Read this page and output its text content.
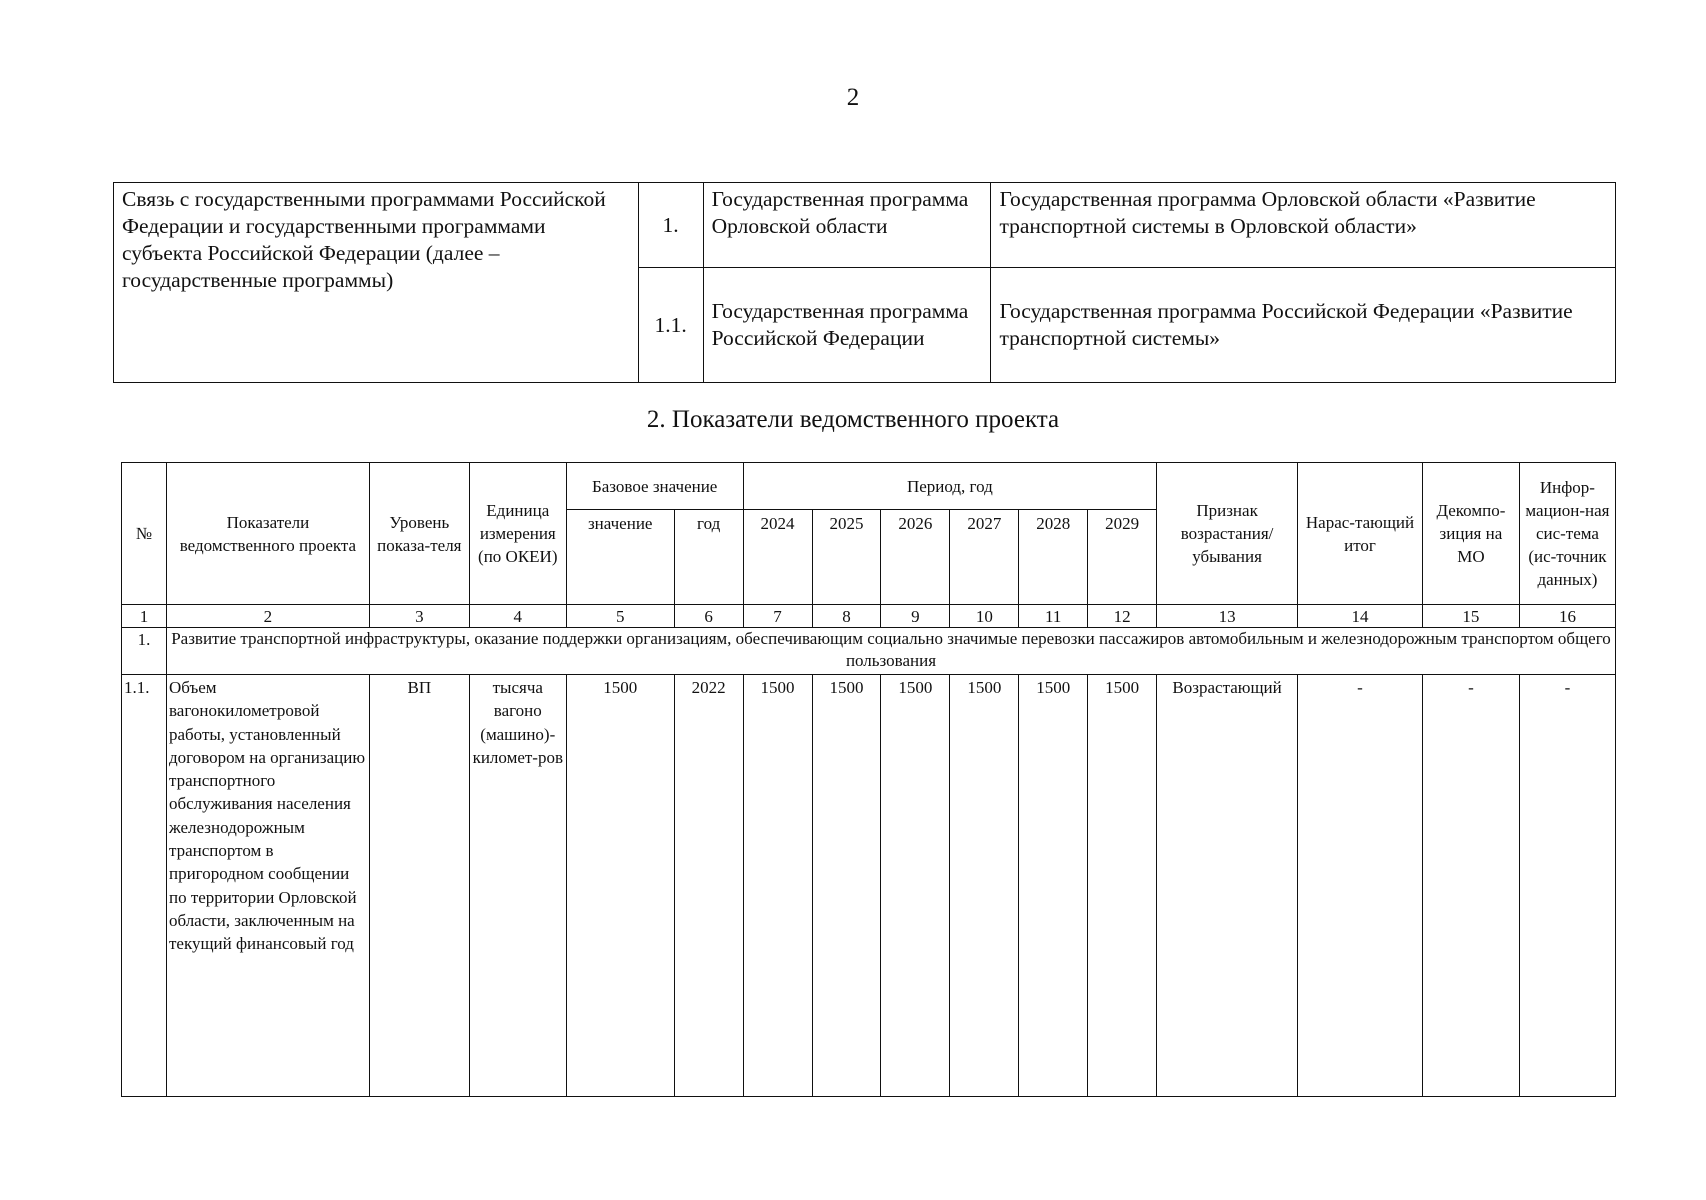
2
Связь с государственными программами Российской Федерации и государственными программами субъекта Российской Федерации (далее – государственные программы)	1.	Государственная программа Орловской области	Государственная программа Орловской области «Развитие транспортной системы в Орловской области»
	1.1.	Государственная программа Российской Федерации	Государственная программа Российской Федерации «Развитие транспортной системы»
2. Показатели ведомственного проекта
№	Показатели ведомственного проекта	Уровень показа-теля	Единица измерения (по ОКЕИ)	Базовое значение		Период, год						Признак возрастания/ убывания	Нарас-тающий итог	Декомпо-зиция на МО	Инфор-мацион-ная сис-тема (ис-точник данных)
				значение	год	2024	2025	2026	2027	2028	2029				
1	2	3	4	5	6	7	8	9	10	11	12	13	14	15	16
1.	Развитие транспортной инфраструктуры, оказание поддержки организациям, обеспечивающим социально значимые перевозки пассажиров автомобильным и железнодорожным транспортом общего пользования														

1.1.	Объем вагонокилометровой работы, установленный договором на организацию транспортного обслуживания населения железнодорожным транспортом в пригородном сообщении по территории Орловской области, заключенным на текущий финансовый год	ВП	тысяча вагоно (машино)-километ-ров	1500	2022	1500	1500	1500	1500	1500	1500	Возрастающий	-	-	-
